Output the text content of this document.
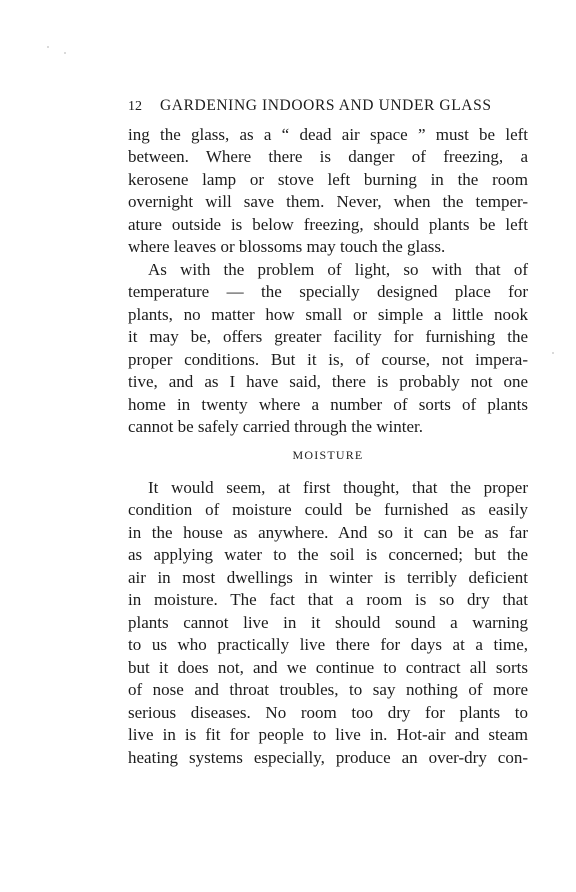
12 GARDENING INDOORS AND UNDER GLASS
ing the glass, as a “ dead air space ” must be left
between. Where there is danger of freezing, a
kerosene lamp or stove left burning in the room
overnight will save them. Never, when the temper-
ature outside is below freezing, should plants be left
where leaves or blossoms may touch the glass.
As with the problem of light, so with that of
temperature — the specially designed place for
plants, no matter how small or simple a little nook
it may be, offers greater facility for furnishing the
proper conditions. But it is, of course, not impera-
tive, and as I have said, there is probably not one
home in twenty where a number of sorts of plants
cannot be safely carried through the winter.
MOISTURE
It would seem, at first thought, that the proper
condition of moisture could be furnished as easily
in the house as anywhere. And so it can be as far
as applying water to the soil is concerned; but the
air in most dwellings in winter is terribly deficient
in moisture. The fact that a room is so dry that
plants cannot live in it should sound a warning
to us who practically live there for days at a time,
but it does not, and we continue to contract all sorts
of nose and throat troubles, to say nothing of more
serious diseases. No room too dry for plants to
live in is fit for people to live in. Hot-air and steam
heating systems especially, produce an over-dry con-
